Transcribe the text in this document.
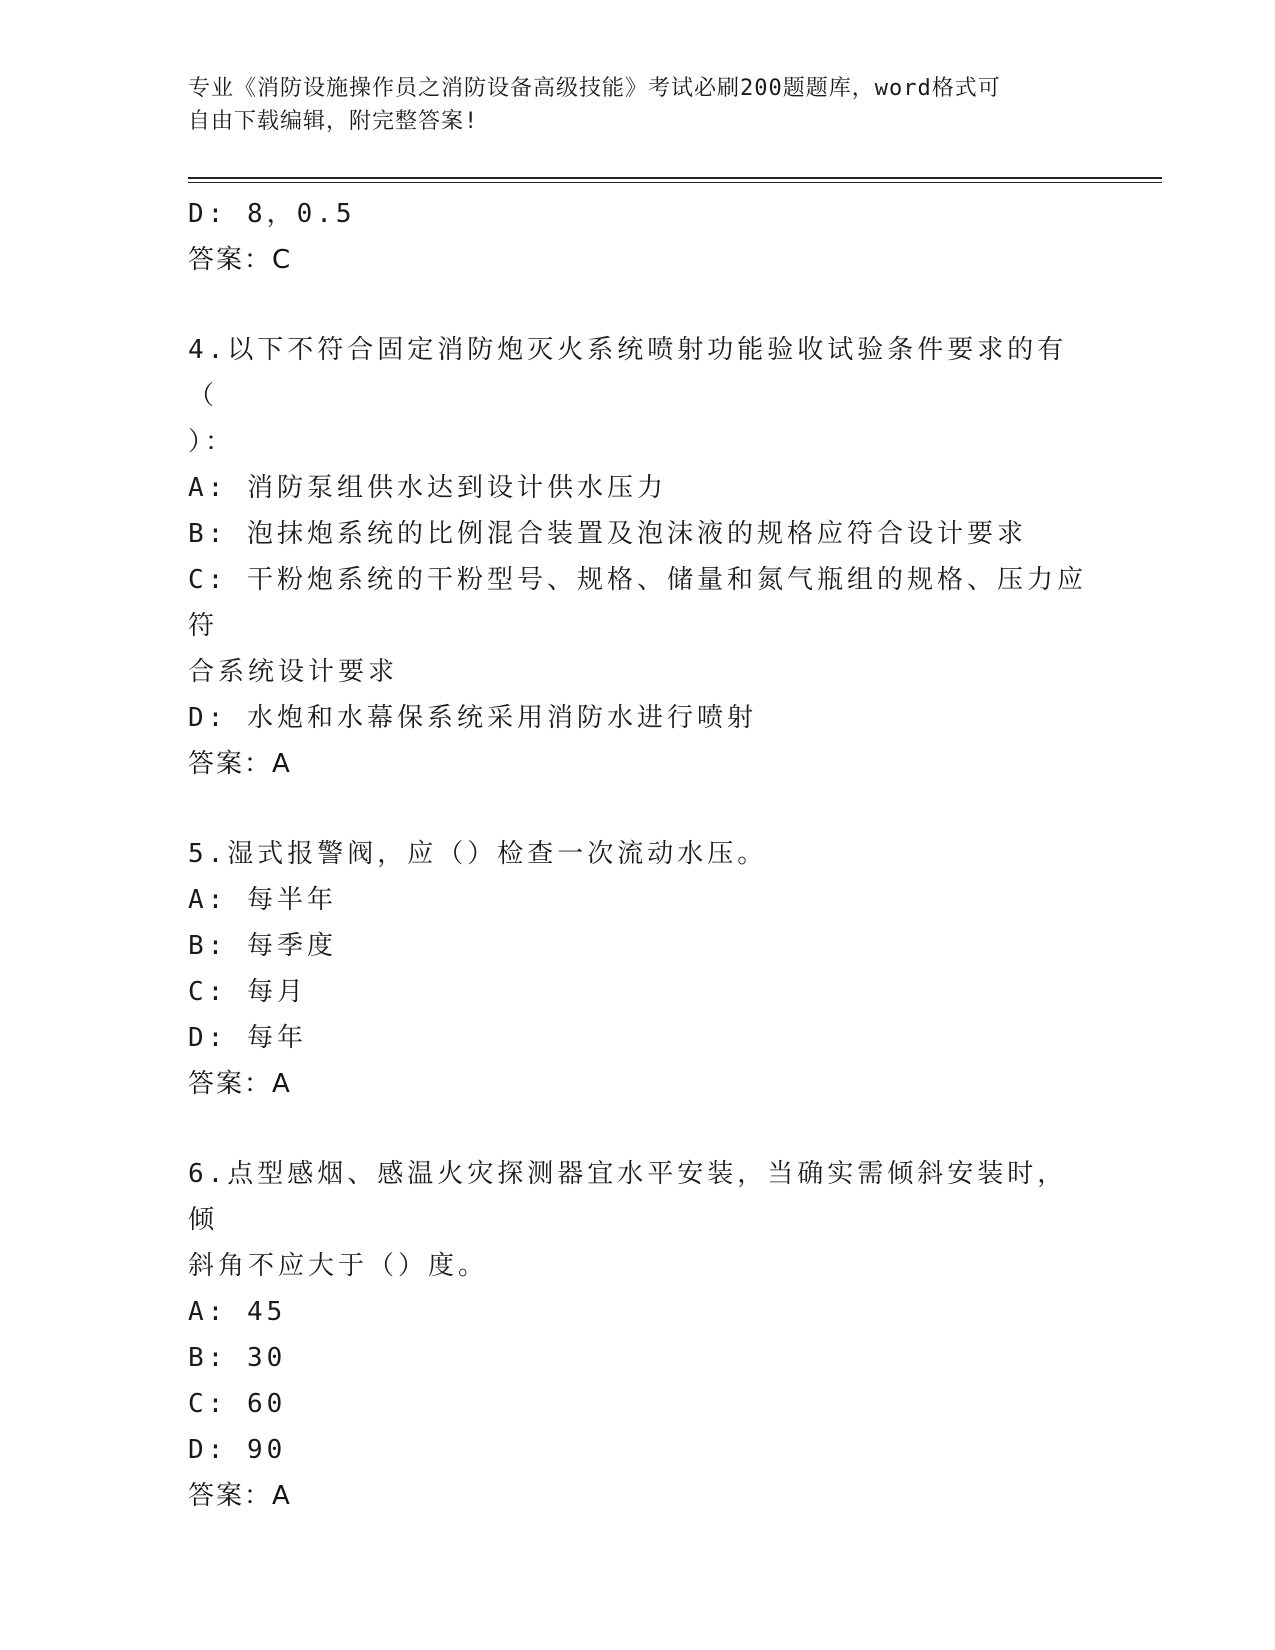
专业《消防设施操作员之消防设备高级技能》考试必刷200题题库，word格式可
自由下载编辑，附完整答案!
D: 8，0.5
答案：C
4.以下不符合固定消防炮灭火系统喷射功能验收试验条件要求的有（
）：
A: 消防泵组供水达到设计供水压力
B: 泡抹炮系统的比例混合装置及泡沫液的规格应符合设计要求
C: 干粉炮系统的干粉型号、规格、储量和氮气瓶组的规格、压力应符
合系统设计要求
D: 水炮和水幕保系统采用消防水进行喷射
答案：A
5.湿式报警阀，应（）检查一次流动水压。
A: 每半年
B: 每季度
C: 每月
D: 每年
答案：A
6.点型感烟、感温火灾探测器宜水平安装，当确实需倾斜安装时，倾
斜角不应大于（）度。
A: 45
B: 30
C: 60
D: 90
答案：A
